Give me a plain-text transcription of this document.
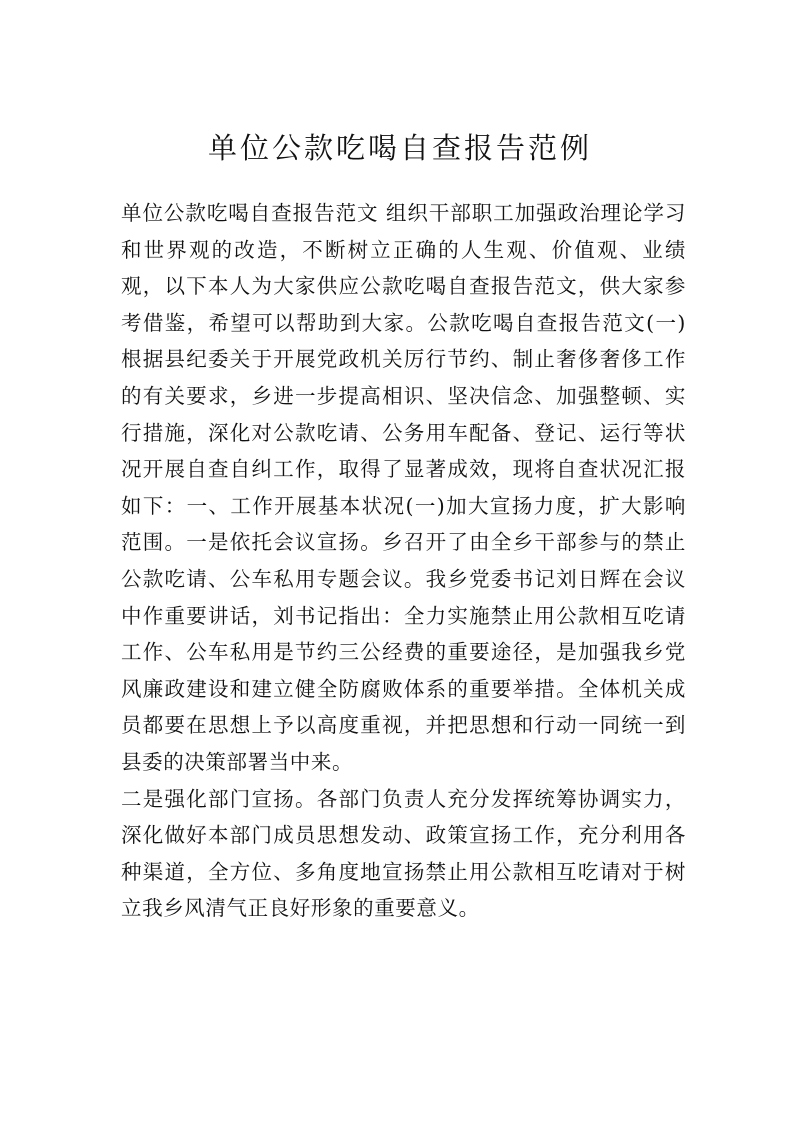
单位公款吃喝自查报告范例

单位公款吃喝自查报告范文 组织干部职工加强政治理论学习和世界观的改造，不断树立正确的人生观、价值观、业绩观，以下本人为大家供应公款吃喝自查报告范文，供大家参考借鉴，希望可以帮助到大家。公款吃喝自查报告范文(一)根据县纪委关于开展党政机关厉行节约、制止奢侈奢侈工作的有关要求，乡进一步提高相识、坚决信念、加强整顿、实行措施，深化对公款吃请、公务用车配备、登记、运行等状况开展自查自纠工作，取得了显著成效，现将自查状况汇报如下：一、工作开展基本状况(一)加大宣扬力度，扩大影响范围。一是依托会议宣扬。乡召开了由全乡干部参与的禁止公款吃请、公车私用专题会议。我乡党委书记刘日辉在会议中作重要讲话，刘书记指出：全力实施禁止用公款相互吃请工作、公车私用是节约三公经费的重要途径，是加强我乡党风廉政建设和建立健全防腐败体系的重要举措。全体机关成员都要在思想上予以高度重视，并把思想和行动一同统一到县委的决策部署当中来。

二是强化部门宣扬。各部门负责人充分发挥统筹协调实力，深化做好本部门成员思想发动、政策宣扬工作，充分利用各种渠道，全方位、多角度地宣扬禁止用公款相互吃请对于树立我乡风清气正良好形象的重要意义。
